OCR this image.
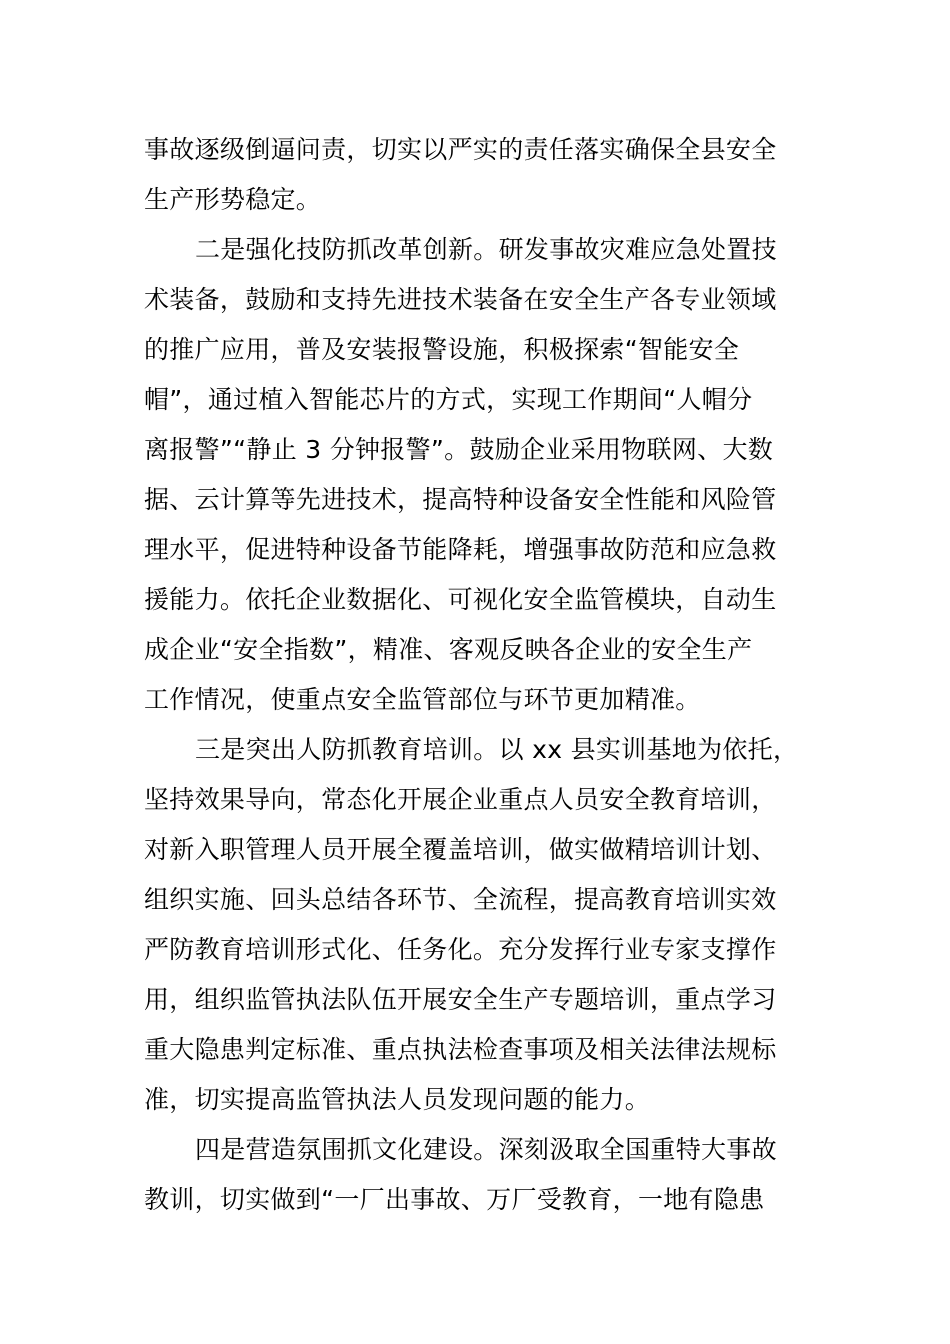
事故逐级倒逼问责，切实以严实的责任落实确保全县安全
生产形势稳定。
二是强化技防抓改革创新。研发事故灾难应急处置技
术装备，鼓励和支持先进技术装备在安全生产各专业领域
的推广应用，普及安装报警设施，积极探索“智能安全
帽”，通过植入智能芯片的方式，实现工作期间“人帽分
离报警”“静止 3 分钟报警”。鼓励企业采用物联网、大数
据、云计算等先进技术，提高特种设备安全性能和风险管
理水平，促进特种设备节能降耗，增强事故防范和应急救
援能力。依托企业数据化、可视化安全监管模块，自动生
成企业“安全指数”，精准、客观反映各企业的安全生产
工作情况，使重点安全监管部位与环节更加精准。
三是突出人防抓教育培训。以 xx 县实训基地为依托，
坚持效果导向，常态化开展企业重点人员安全教育培训，
对新入职管理人员开展全覆盖培训，做实做精培训计划、
组织实施、回头总结各环节、全流程，提高教育培训实效
严防教育培训形式化、任务化。充分发挥行业专家支撑作
用，组织监管执法队伍开展安全生产专题培训，重点学习
重大隐患判定标准、重点执法检查事项及相关法律法规标
准，切实提高监管执法人员发现问题的能力。
四是营造氛围抓文化建设。深刻汲取全国重特大事故
教训，切实做到“一厂出事故、万厂受教育，一地有隐患
